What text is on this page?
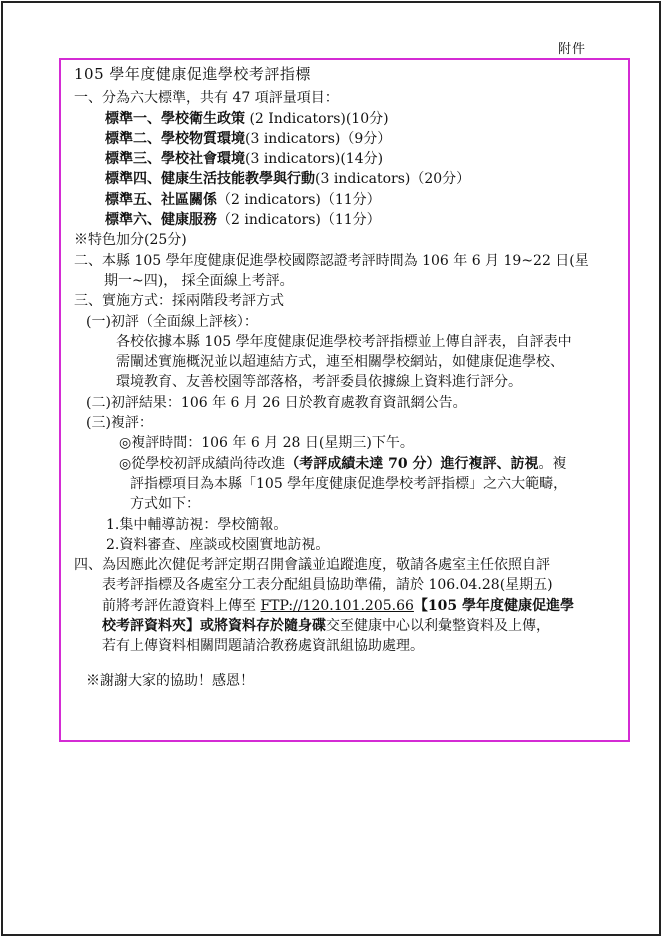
附件
105 學年度健康促進學校考評指標
一、分為六大標準，共有 47 項評量項目：
標準一、學校衛生政策 (2 Indicators)(10分)
標準二、學校物質環境(3 indicators)（9分）
標準三、學校社會環境(3 indicators)(14分)
標準四、健康生活技能教學與行動(3 indicators)（20分）
標準五、社區關係（2 indicators)（11分）
標準六、健康服務（2 indicators)（11分）
※特色加分(25分)
二、本縣 105 學年度健康促進學校國際認證考評時間為 106 年 6 月 19~22 日(星
期一~四)， 採全面線上考評。
三、實施方式：採兩階段考評方式
(一)初評（全面線上評核）：
各校依據本縣 105 學年度健康促進學校考評指標並上傳自評表，自評表中
需闡述實施概況並以超連結方式，連至相關學校網站，如健康促進學校、
環境教育、友善校園等部落格，考評委員依據線上資料進行評分。
(二)初評結果：106 年 6 月 26 日於教育處教育資訊網公告。
(三)複評：
◎複評時間：106 年 6 月 28 日(星期三)下午。
◎從學校初評成績尚待改進（考評成績未達 70 分）進行複評、訪視。複
評指標項目為本縣「105 學年度健康促進學校考評指標」之六大範疇，
方式如下：
1.集中輔導訪視：學校簡報。
2.資料審查、座談或校園實地訪視。
四、為因應此次健促考評定期召開會議並追蹤進度，敬請各處室主任依照自評
表考評指標及各處室分工表分配組員協助準備，請於 106.04.28(星期五)
前將考評佐證資料上傳至 FTP://120.101.205.66【105 學年度健康促進學
校考評資料夾】或將資料存於隨身碟交至健康中心以利彙整資料及上傳，
若有上傳資料相關問題請洽教務處資訊組協助處理。
※謝謝大家的協助！感恩！
